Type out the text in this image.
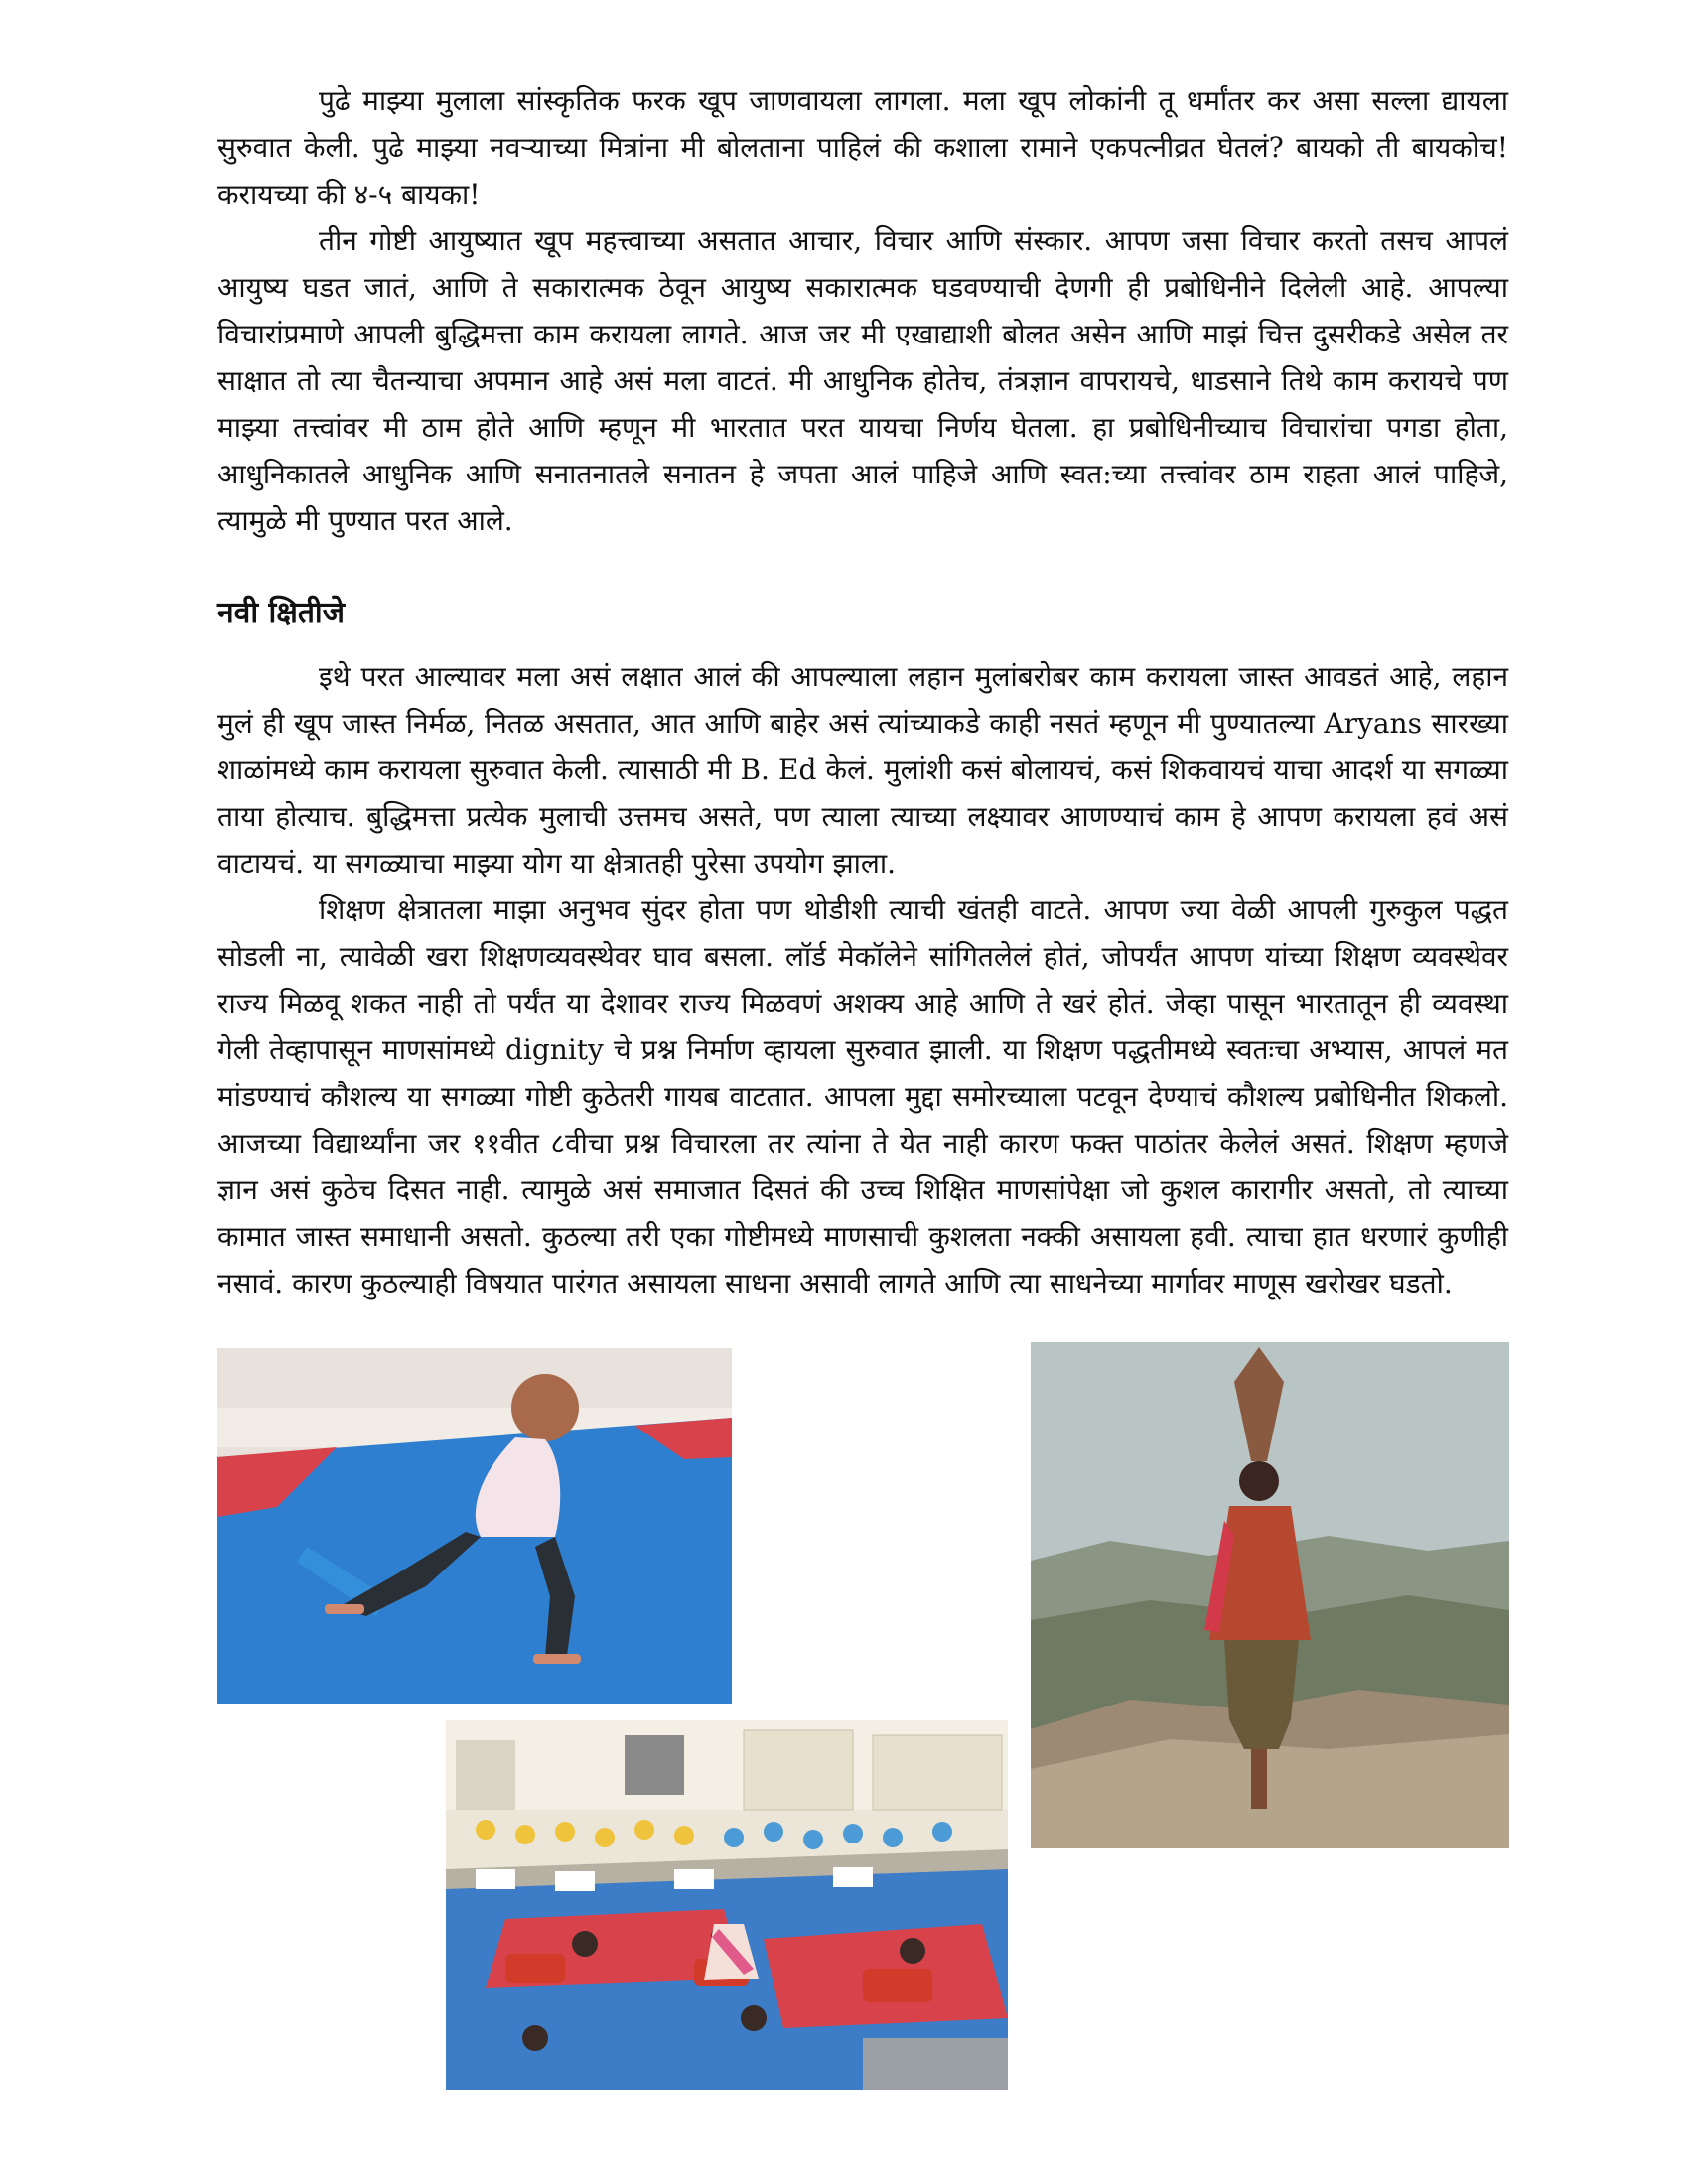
पुढे माझ्या मुलाला सांस्कृतिक फरक खूप जाणवायला लागला. मला खूप लोकांनी तू धर्मांतर कर असा सल्ला द्यायला सुरुवात केली. पुढे माझ्या नवऱ्याच्या मित्रांना मी बोलताना पाहिलं की कशाला रामाने एकपत्नीव्रत घेतलं? बायको ती बायकोच! करायच्या की ४-५ बायका!

तीन गोष्टी आयुष्यात खूप महत्त्वाच्या असतात आचार, विचार आणि संस्कार. आपण जसा विचार करतो तसच आपलं आयुष्य घडत जातं, आणि ते सकारात्मक ठेवून आयुष्य सकारात्मक घडवण्याची देणगी ही प्रबोधिनीने दिलेली आहे. आपल्या विचारांप्रमाणे आपली बुद्धिमत्ता काम करायला लागते. आज जर मी एखाद्याशी बोलत असेन आणि माझं चित्त दुसरीकडे असेल तर साक्षात तो त्या चैतन्याचा अपमान आहे असं मला वाटतं. मी आधुनिक होतेच, तंत्रज्ञान वापरायचे, धाडसाने तिथे काम करायचे पण माझ्या तत्त्वांवर मी ठाम होते आणि म्हणून मी भारतात परत यायचा निर्णय घेतला. हा प्रबोधिनीच्याच विचारांचा पगडा होता, आधुनिकातले आधुनिक आणि सनातनातले सनातन हे जपता आलं पाहिजे आणि स्वत:च्या तत्त्वांवर ठाम राहता आलं पाहिजे, त्यामुळे मी पुण्यात परत आले.

नवी क्षितीजे

इथे परत आल्यावर मला असं लक्षात आलं की आपल्याला लहान मुलांबरोबर काम करायला जास्त आवडतं आहे, लहान मुलं ही खूप जास्त निर्मळ, नितळ असतात, आत आणि बाहेर असं त्यांच्याकडे काही नसतं म्हणून मी पुण्यातल्या Aryans सारख्या शाळांमध्ये काम करायला सुरुवात केली. त्यासाठी मी B. Ed केलं. मुलांशी कसं बोलायचं, कसं शिकवायचं याचा आदर्श या सगळ्या ताया होत्याच. बुद्धिमत्ता प्रत्येक मुलाची उत्तमच असते, पण त्याला त्याच्या लक्ष्यावर आणण्याचं काम हे आपण करायला हवं असं वाटायचं. या सगळ्याचा माझ्या योग या क्षेत्रातही पुरेसा उपयोग झाला.

शिक्षण क्षेत्रातला माझा अनुभव सुंदर होता पण थोडीशी त्याची खंतही वाटते. आपण ज्या वेळी आपली गुरुकुल पद्धत सोडली ना, त्यावेळी खरा शिक्षणव्यवस्थेवर घाव बसला. लॉर्ड मेकॉलेने सांगितलेलं होतं, जोपर्यंत आपण यांच्या शिक्षण व्यवस्थेवर राज्य मिळवू शकत नाही तो पर्यंत या देशावर राज्य मिळवणं अशक्य आहे आणि ते खरं होतं. जेव्हा पासून भारतातून ही व्यवस्था गेली तेव्हापासून माणसांमध्ये dignity चे प्रश्न निर्माण व्हायला सुरुवात झाली. या शिक्षण पद्धतीमध्ये स्वतःचा अभ्यास, आपलं मत मांडण्याचं कौशल्य या सगळ्या गोष्टी कुठेतरी गायब वाटतात. आपला मुद्दा समोरच्याला पटवून देण्याचं कौशल्य प्रबोधिनीत शिकलो. आजच्या विद्यार्थ्यांना जर ११वीत ८वीचा प्रश्न विचारला तर त्यांना ते येत नाही कारण फक्त पाठांतर केलेलं असतं. शिक्षण म्हणजे ज्ञान असं कुठेच दिसत नाही. त्यामुळे असं समाजात दिसतं की उच्च शिक्षित माणसांपेक्षा जो कुशल कारागीर असतो, तो त्याच्या कामात जास्त समाधानी असतो. कुठल्या तरी एका गोष्टीमध्ये माणसाची कुशलता नक्की असायला हवी. त्याचा हात धरणारं कुणीही नसावं. कारण कुठल्याही विषयात पारंगत असायला साधना असावी लागते आणि त्या साधनेच्या मार्गावर माणूस खरोखर घडतो.
